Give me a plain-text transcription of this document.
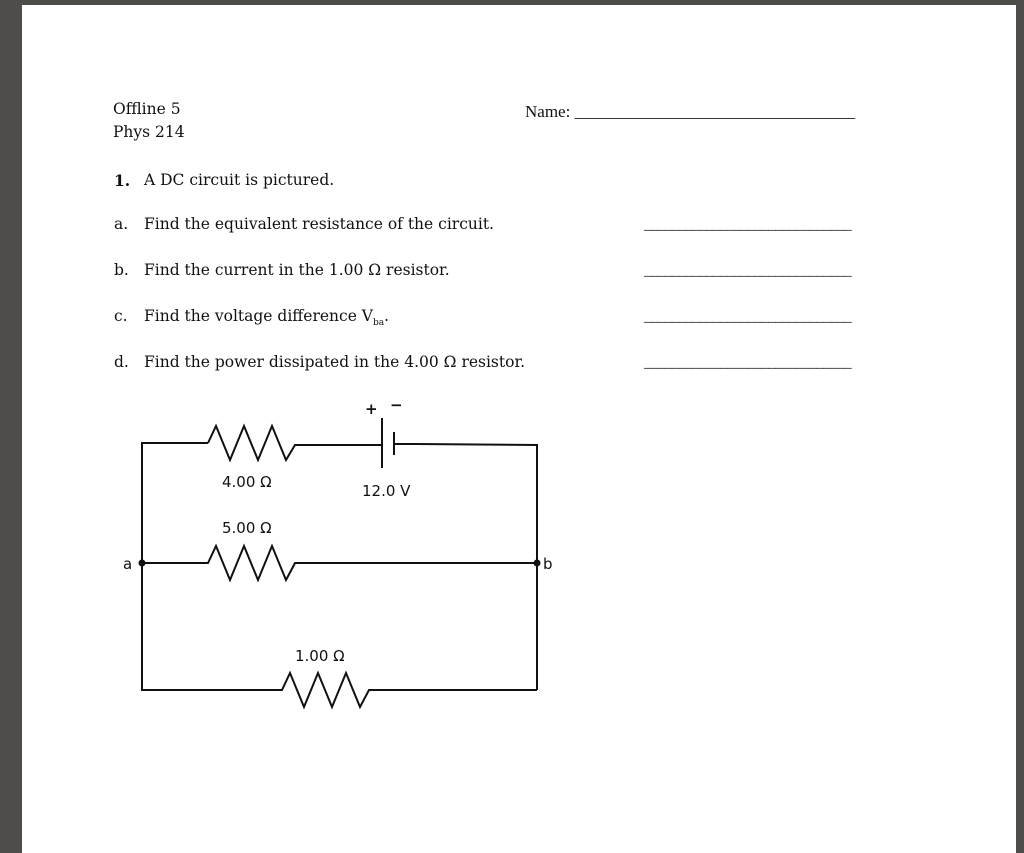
Offline 5
Phys 214
Name: ___________________________________
1. A DC circuit is pictured.
a. Find the equivalent resistance of the circuit.	______________________________
b. Find the current in the 1.00 Ω resistor.	______________________________
c. Find the voltage difference $V_{ba}$.	______________________________
d. Find the power dissipated in the 4.00 Ω resistor.	______________________________
4.00 Ω	12.0 V
5.00 Ω
1.00 Ω
+ −
a	b
